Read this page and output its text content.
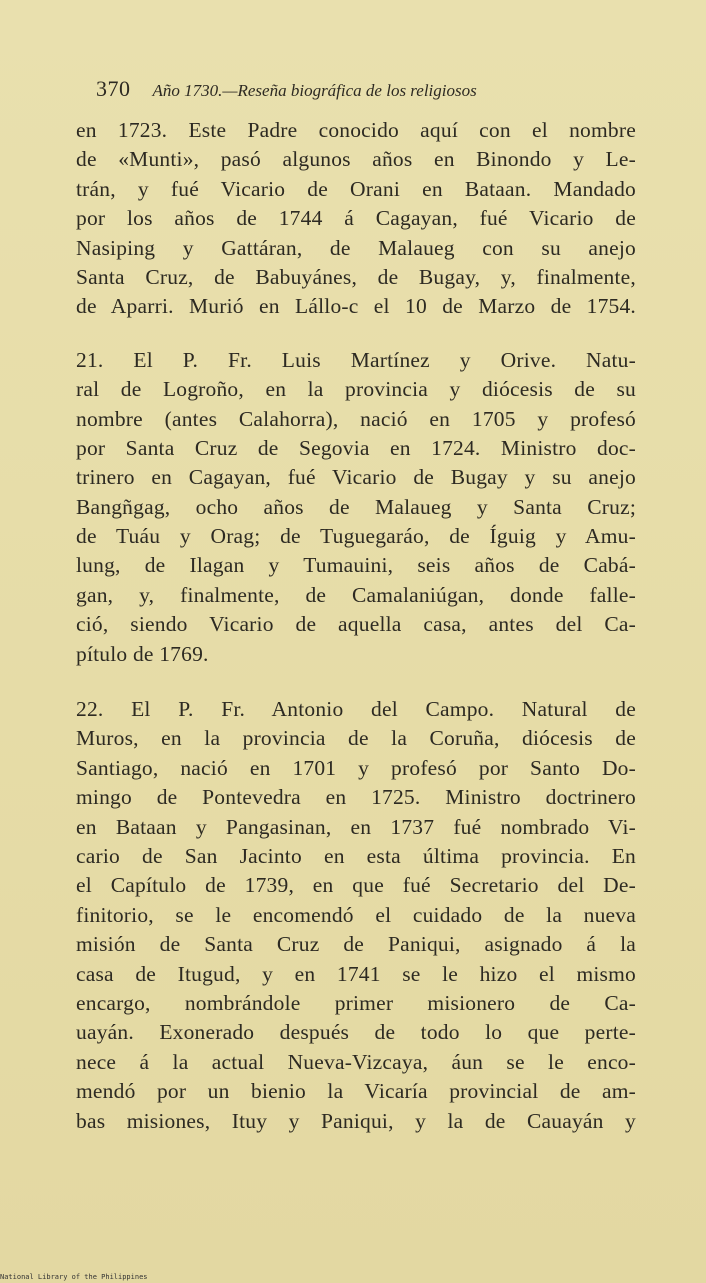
370 Año 1730.—Reseña biográfica de los religiosos
en 1723. Este Padre conocido aquí con el nombre
de «Munti», pasó algunos años en Binondo y Le-
trán, y fué Vicario de Orani en Bataan. Mandado
por los años de 1744 á Cagayan, fué Vicario de
Nasiping y Gattáran, de Malaueg con su anejo
Santa Cruz, de Babuyánes, de Bugay, y, finalmente,
de Aparri. Murió en Lállo-c el 10 de Marzo de 1754.
21. El P. Fr. Luis Martínez y Orive. Natu-
ral de Logroño, en la provincia y diócesis de su
nombre (antes Calahorra), nació en 1705 y profesó
por Santa Cruz de Segovia en 1724. Ministro doc-
trinero en Cagayan, fué Vicario de Bugay y su anejo
Bangñgag, ocho años de Malaueg y Santa Cruz;
de Tuáu y Orag; de Tuguegaráo, de Íguig y Amu-
lung, de Ilagan y Tumauini, seis años de Cabá-
gan, y, finalmente, de Camalaniúgan, donde falle-
ció, siendo Vicario de aquella casa, antes del Ca-
pítulo de 1769.
22. El P. Fr. Antonio del Campo. Natural de
Muros, en la provincia de la Coruña, diócesis de
Santiago, nació en 1701 y profesó por Santo Do-
mingo de Pontevedra en 1725. Ministro doctrinero
en Bataan y Pangasinan, en 1737 fué nombrado Vi-
cario de San Jacinto en esta última provincia. En
el Capítulo de 1739, en que fué Secretario del De-
finitorio, se le encomendó el cuidado de la nueva
misión de Santa Cruz de Paniqui, asignado á la
casa de Itugud, y en 1741 se le hizo el mismo
encargo, nombrándole primer misionero de Ca-
uayán. Exonerado después de todo lo que perte-
nece á la actual Nueva-Vizcaya, áun se le enco-
mendó por un bienio la Vicaría provincial de am-
bas misiones, Ituy y Paniqui, y la de Cauayán y
National Library of the Philippines
